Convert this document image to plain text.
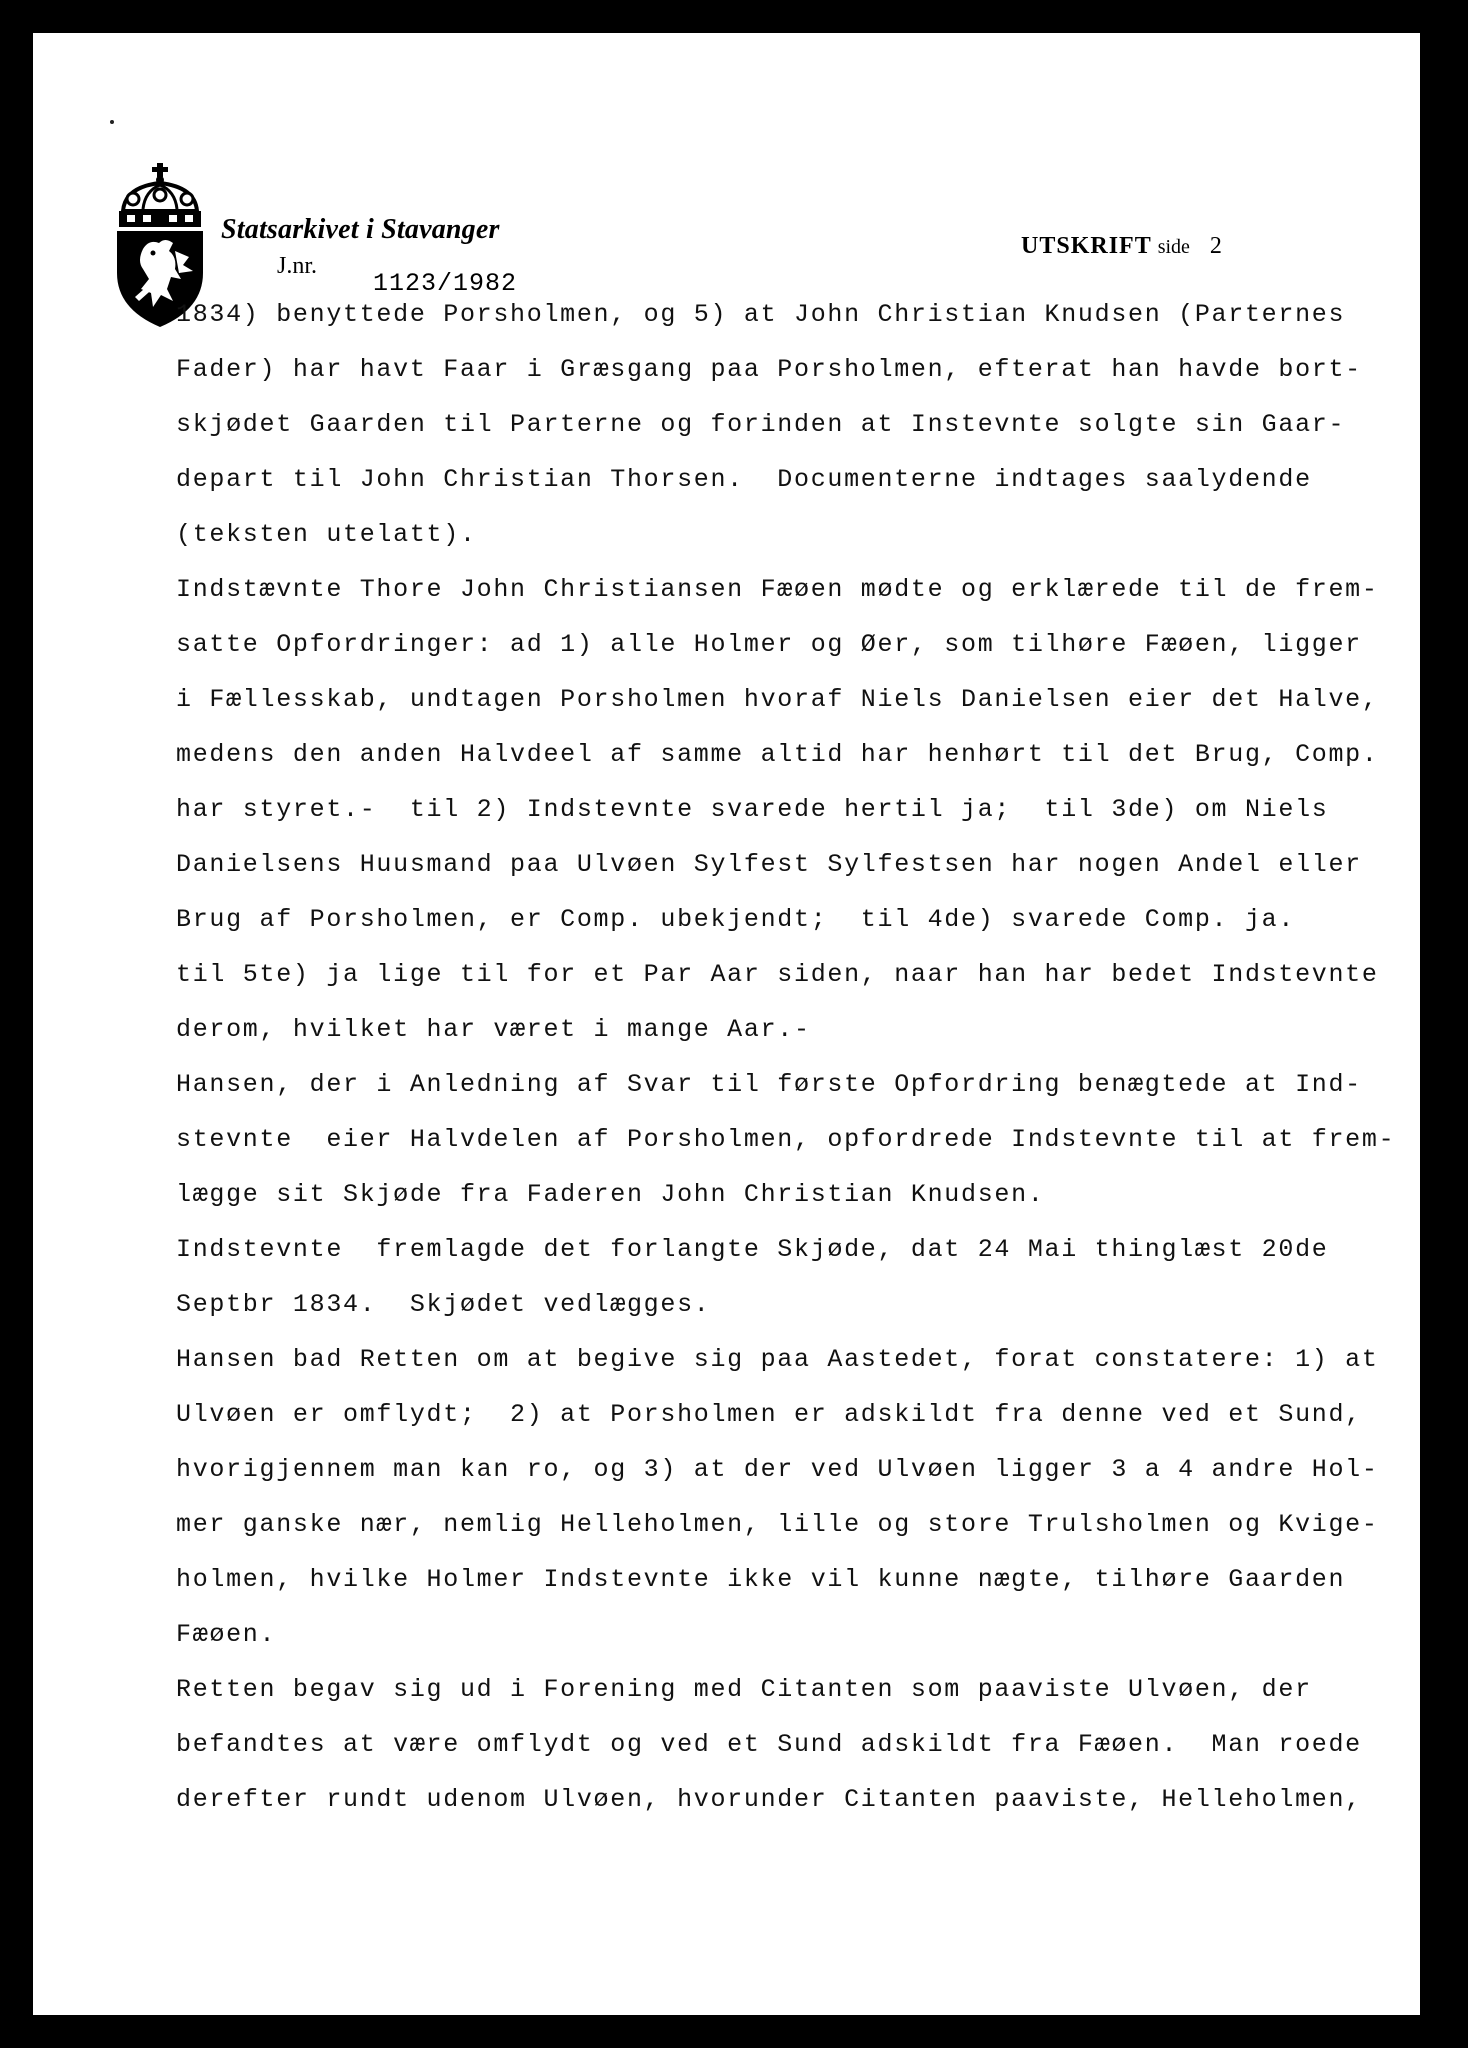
Statsarkivet i Stavanger
J.nr.
1123/1982
UTSKRIFT side 2
1834) benyttede Porsholmen, og 5) at John Christian Knudsen (Parternes
Fader) har havt Faar i Græsgang paa Porsholmen, efterat han havde bort-
skjødet Gaarden til Parterne og forinden at Instevnte solgte sin Gaar-
depart til John Christian Thorsen.  Documenterne indtages saalydende
(teksten utelatt).
Indstævnte Thore John Christiansen Fæøen mødte og erklærede til de frem-
satte Opfordringer: ad 1) alle Holmer og Øer, som tilhøre Fæøen, ligger
i Fællesskab, undtagen Porsholmen hvoraf Niels Danielsen eier det Halve,
medens den anden Halvdeel af samme altid har henhørt til det Brug, Comp.
har styret.-  til 2) Indstevnte svarede hertil ja;  til 3de) om Niels
Danielsens Huusmand paa Ulvøen Sylfest Sylfestsen har nogen Andel eller
Brug af Porsholmen, er Comp. ubekjendt;  til 4de) svarede Comp. ja.
til 5te) ja lige til for et Par Aar siden, naar han har bedet Indstevnte
derom, hvilket har været i mange Aar.-
Hansen, der i Anledning af Svar til første Opfordring benægtede at Ind-
stevnte  eier Halvdelen af Porsholmen, opfordrede Indstevnte til at frem-
lægge sit Skjøde fra Faderen John Christian Knudsen.
Indstevnte  fremlagde det forlangte Skjøde, dat 24 Mai thinglæst 20de
Septbr 1834.  Skjødet vedlægges.
Hansen bad Retten om at begive sig paa Aastedet, forat constatere: 1) at
Ulvøen er omflydt;  2) at Porsholmen er adskildt fra denne ved et Sund,
hvorigjennem man kan ro, og 3) at der ved Ulvøen ligger 3 a 4 andre Hol-
mer ganske nær, nemlig Helleholmen, lille og store Trulsholmen og Kvige-
holmen, hvilke Holmer Indstevnte ikke vil kunne nægte, tilhøre Gaarden
Fæøen.
Retten begav sig ud i Forening med Citanten som paaviste Ulvøen, der
befandtes at være omflydt og ved et Sund adskildt fra Fæøen.  Man roede
derefter rundt udenom Ulvøen, hvorunder Citanten paaviste, Helleholmen,
